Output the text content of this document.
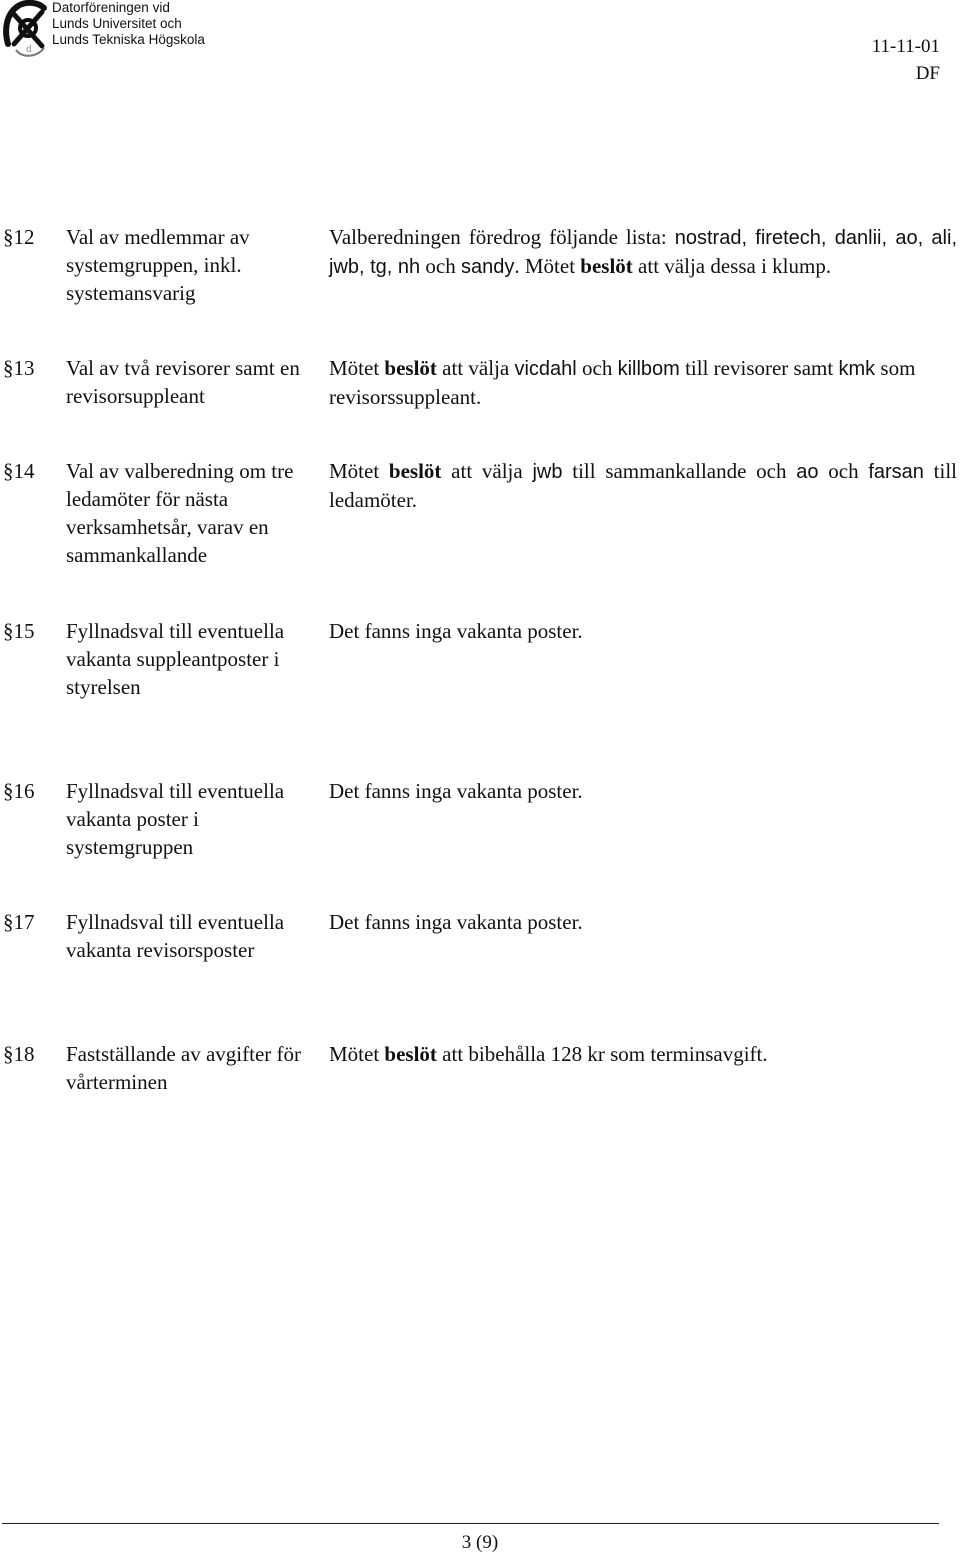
d
Datorföreningen vid
Lunds Universitet och
Lunds Tekniska Högskola	11-11-01
DF
§12 Val av medlemmar av systemgruppen, inkl. systemansvarig
Valberedningen föredrog följande lista: nostrad, firetech, danlii, ao, ali, jwb, tg, nh och sandy. Mötet beslöt att välja dessa i klump.
§13 Val av två revisorer samt en revisorsuppleant
Mötet beslöt att välja vicdahl och killbom till revisorer samt kmk som revisorssuppleant.
§14 Val av valberedning om tre ledamöter för nästa verksamhetsår, varav en sammankallande
Mötet beslöt att välja jwb till sammankallande och ao och farsan till ledamöter.
§15 Fyllnadsval till eventuella vakanta suppleantposter i styrelsen
Det fanns inga vakanta poster.
§16 Fyllnadsval till eventuella vakanta poster i systemgruppen
Det fanns inga vakanta poster.
§17 Fyllnadsval till eventuella vakanta revisorsposter
Det fanns inga vakanta poster.
§18 Fastställande av avgifter för vårterminen
Mötet beslöt att bibehålla 128 kr som terminsavgift.
3 (9)
